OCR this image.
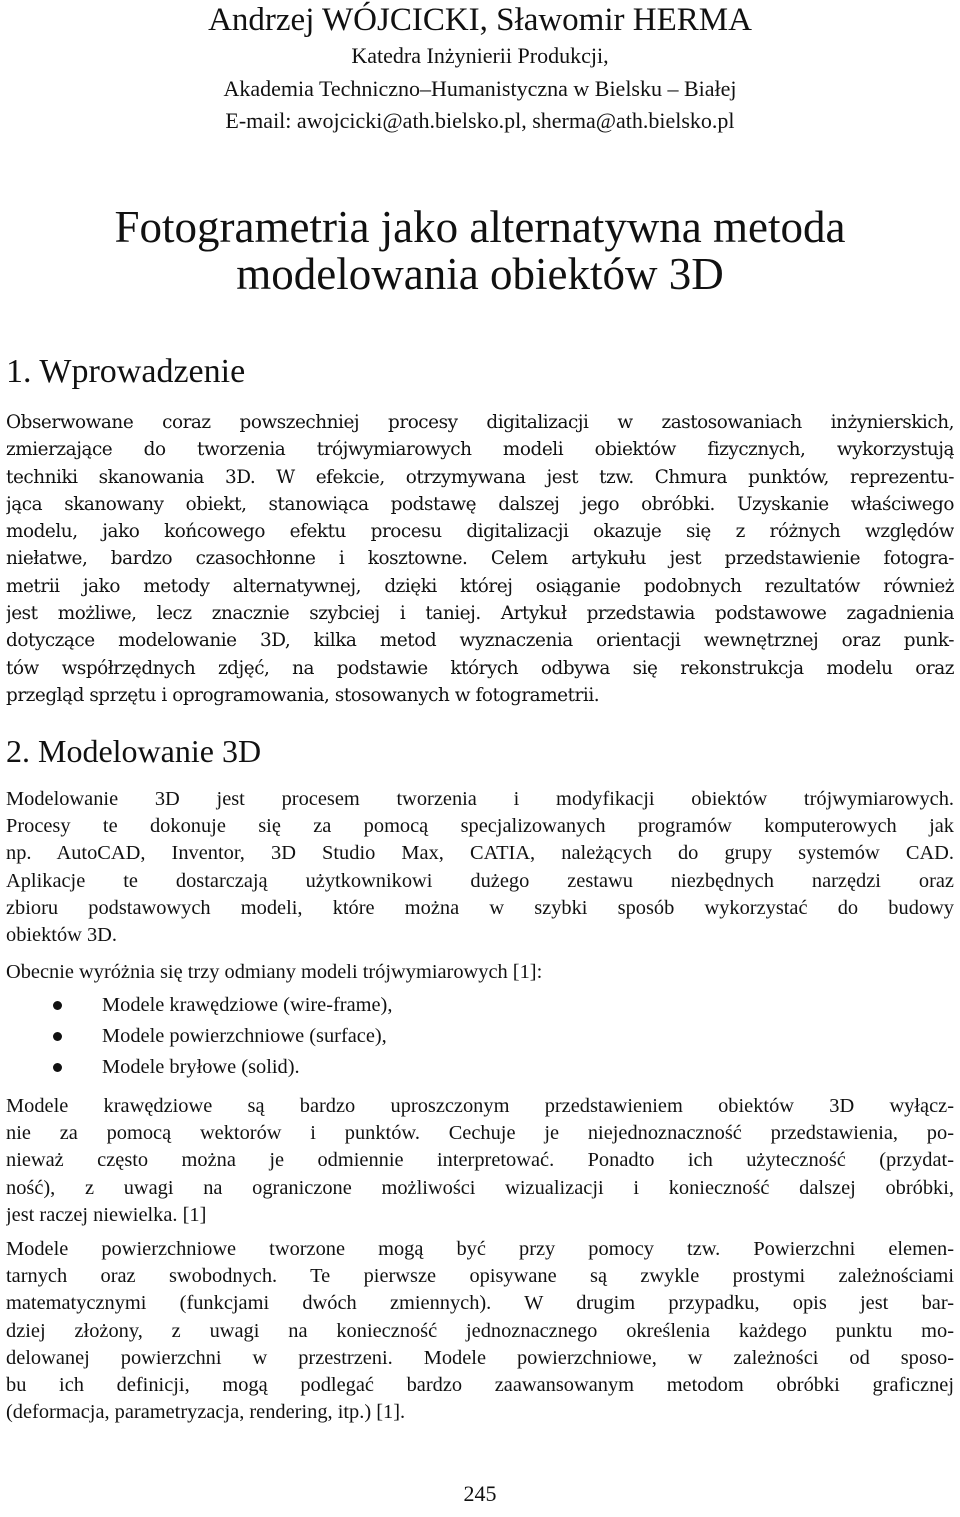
Andrzej WÓJCICKI, Sławomir HERMA
Katedra Inżynierii Produkcji,
Akademia Techniczno–Humanistyczna w Bielsku – Białej
E-mail: awojcicki@ath.bielsko.pl, sherma@ath.bielsko.pl
Fotogrametria jako alternatywna metoda
modelowania obiektów 3D
1. Wprowadzenie
Obserwowane coraz powszechniej procesy digitalizacji w zastosowaniach inżynierskich,
zmierzające do tworzenia trójwymiarowych modeli obiektów fizycznych, wykorzystują
techniki skanowania 3D. W efekcie, otrzymywana jest tzw. Chmura punktów, reprezentu-
jąca skanowany obiekt, stanowiąca podstawę dalszej jego obróbki. Uzyskanie właściwego
modelu, jako końcowego efektu procesu digitalizacji okazuje się z różnych względów
niełatwe, bardzo czasochłonne i kosztowne. Celem artykułu jest przedstawienie fotogra-
metrii jako metody alternatywnej, dzięki której osiąganie podobnych rezultatów również
jest możliwe, lecz znacznie szybciej i taniej. Artykuł przedstawia podstawowe zagadnienia
dotyczące modelowanie 3D, kilka metod wyznaczenia orientacji wewnętrznej oraz punk-
tów współrzędnych zdjęć, na podstawie których odbywa się rekonstrukcja modelu oraz
przegląd sprzętu i oprogramowania, stosowanych w fotogrametrii.
2. Modelowanie 3D
Modelowanie 3D jest procesem tworzenia i modyfikacji obiektów trójwymiarowych.
Procesy te dokonuje się za pomocą specjalizowanych programów komputerowych jak
np. AutoCAD, Inventor, 3D Studio Max, CATIA, należących do grupy systemów CAD.
Aplikacje te dostarczają użytkownikowi dużego zestawu niezbędnych narzędzi oraz
zbioru podstawowych modeli, które można w szybki sposób wykorzystać do budowy
obiektów 3D.
Obecnie wyróżnia się trzy odmiany modeli trójwymiarowych [1]:
Modele krawędziowe (wire-frame),
Modele powierzchniowe (surface),
Modele bryłowe (solid).
Modele krawędziowe są bardzo uproszczonym przedstawieniem obiektów 3D wyłącz-
nie za pomocą wektorów i punktów. Cechuje je niejednoznaczność przedstawienia, po-
nieważ często można je odmiennie interpretować. Ponadto ich użyteczność (przydat-
ność), z uwagi na ograniczone możliwości wizualizacji i konieczność dalszej obróbki,
jest raczej niewielka. [1]
Modele powierzchniowe tworzone mogą być przy pomocy tzw. Powierzchni elemen-
tarnych oraz swobodnych. Te pierwsze opisywane są zwykle prostymi zależnościami
matematycznymi (funkcjami dwóch zmiennych). W drugim przypadku, opis jest bar-
dziej złożony, z uwagi na konieczność jednoznacznego określenia każdego punktu mo-
delowanej powierzchni w przestrzeni. Modele powierzchniowe, w zależności od sposo-
bu ich definicji, mogą podlegać bardzo zaawansowanym metodom obróbki graficznej
(deformacja, parametryzacja, rendering, itp.) [1].
245
